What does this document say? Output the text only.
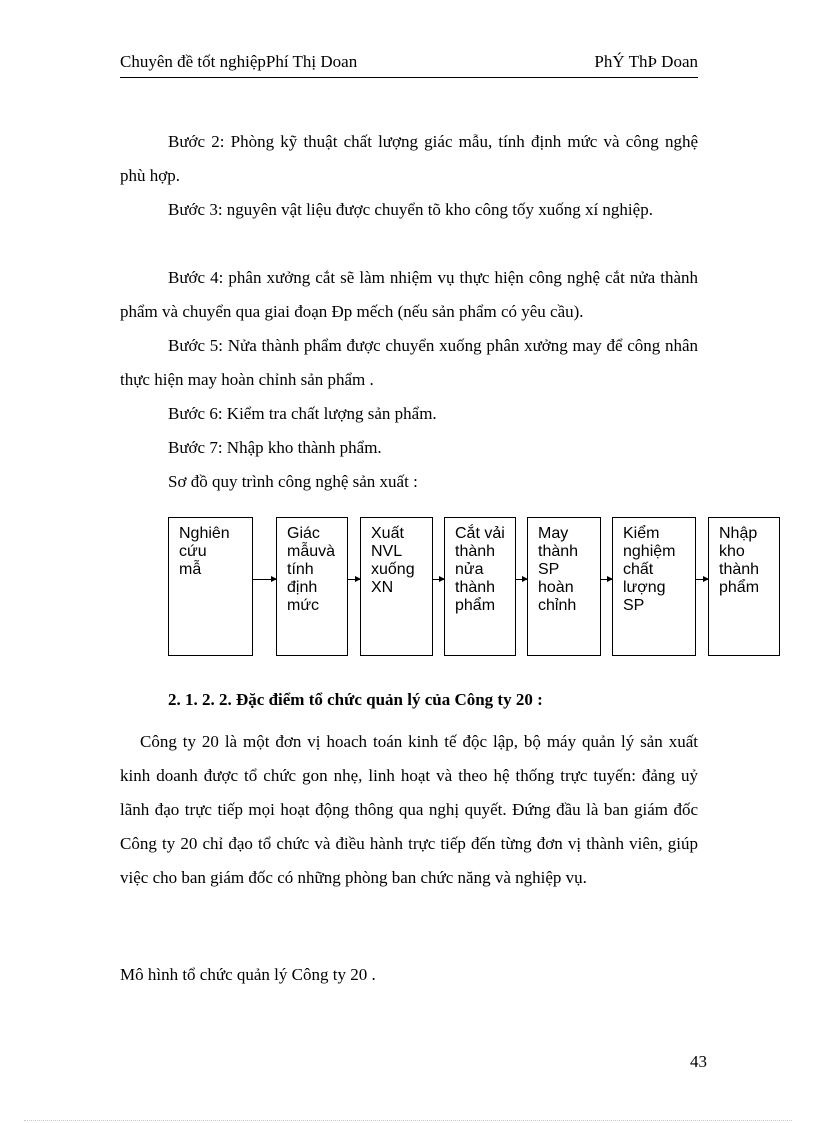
Chuyên đề tốt nghiệpPhí Thị Doan	PhÝ ThÞ Doan

Bước 2: Phòng kỹ thuật chất lượng giác mẫu, tính định mức và công nghệ phù hợp.

Bước 3: nguyên vật liệu được chuyển tõ kho công tốy xuống xí nghiệp.

Bước 4: phân xưởng cắt sẽ làm nhiệm vụ thực hiện công nghệ cắt nửa thành phẩm và chuyển qua giai đoạn Đp mếch (nếu sản phẩm có yêu cầu).

Bước 5: Nửa thành phẩm được chuyển xuống phân xưởng may để công nhân thực hiện may hoàn chỉnh sản phẩm .

Bước 6: Kiểm tra chất lượng sản phẩm.

Bước 7: Nhập kho thành phẩm.

Sơ đồ quy trình công nghệ sản xuất :

Nghiên
cứu
mẫ
Giác
mẫuvà
tính
định
mức
Xuất
NVL
xuống
XN
Cắt vải
thành
nửa
thành
phẩm
May
thành
SP
hoàn
chỉnh
Kiểm
nghiệm
chất
lượng
SP
Nhập
kho
thành
phẩm

2. 1. 2. 2. Đặc điểm tổ chức quản lý của Công ty 20 :

Công ty 20 là một đơn vị hoach toán kinh tế độc lập, bộ máy quản lý sản xuất kinh doanh được tổ chức gon nhẹ, linh hoạt và theo hệ thống trực tuyến: đảng uỷ lãnh đạo trực tiếp mọi hoạt động thông qua nghị quyết. Đứng đầu là ban giám đốc Công ty 20 chỉ đạo tổ chức và điều hành trực tiếp đến từng đơn vị thành viên, giúp việc cho ban giám đốc có những phòng ban chức năng và nghiệp vụ.

Mô hình tổ chức quản lý Công ty 20 .

43
